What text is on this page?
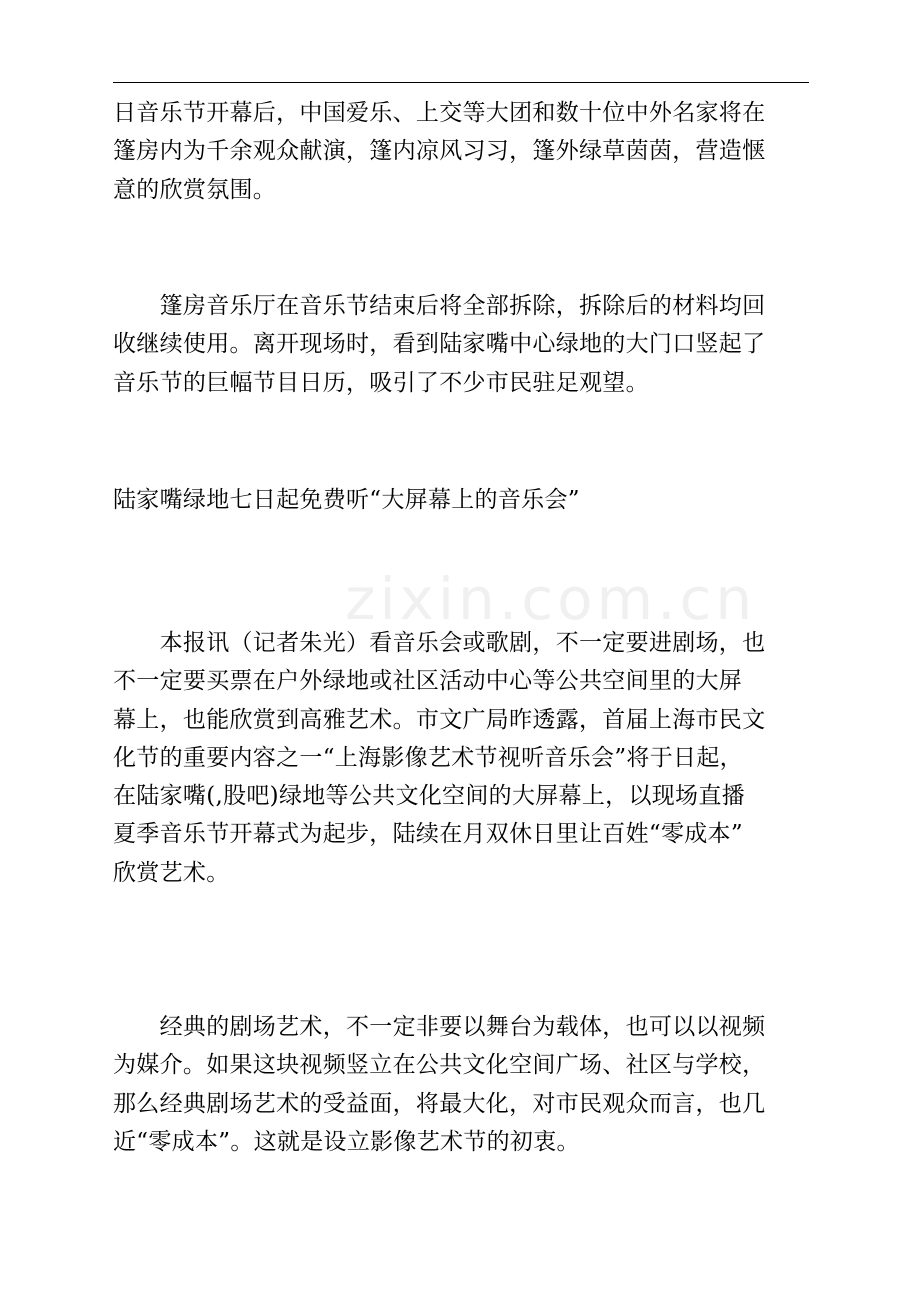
zixin.com.cn
日音乐节开幕后，中国爱乐、上交等大团和数十位中外名家将在
篷房内为千余观众献演，篷内凉风习习，篷外绿草茵茵，营造惬
意的欣赏氛围。
　　篷房音乐厅在音乐节结束后将全部拆除，拆除后的材料均回
收继续使用。离开现场时，看到陆家嘴中心绿地的大门口竖起了
音乐节的巨幅节目日历，吸引了不少市民驻足观望。
陆家嘴绿地七日起免费听“大屏幕上的音乐会”
　　本报讯（记者朱光）看音乐会或歌剧，不一定要进剧场，也
不一定要买票在户外绿地或社区活动中心等公共空间里的大屏
幕上，也能欣赏到高雅艺术。市文广局昨透露，首届上海市民文
化节的重要内容之一“上海影像艺术节视听音乐会”将于日起，
在陆家嘴(,股吧)绿地等公共文化空间的大屏幕上，以现场直播
夏季音乐节开幕式为起步，陆续在月双休日里让百姓“零成本”
欣赏艺术。
　　经典的剧场艺术，不一定非要以舞台为载体，也可以以视频
为媒介。如果这块视频竖立在公共文化空间广场、社区与学校，
那么经典剧场艺术的受益面，将最大化，对市民观众而言，也几
近“零成本”。这就是设立影像艺术节的初衷。
